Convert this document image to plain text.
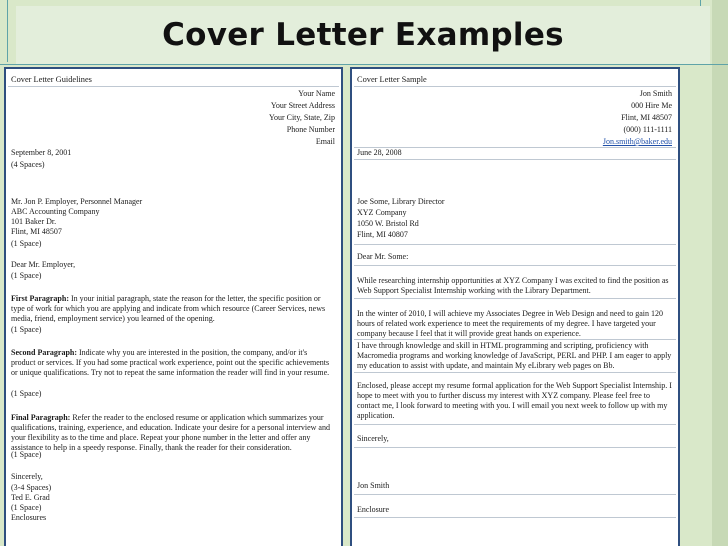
Cover Letter Examples
Cover Letter Guidelines
Your Name
Your Street Address
Your City, State, Zip
Phone Number
Email
September 8, 2001
(4 Spaces)
Mr. Jon P. Employer, Personnel Manager
ABC Accounting Company
101 Baker Dr.
Flint, MI 48507
(1 Space)
Dear Mr. Employer,
(1 Space)
First Paragraph: In your initial paragraph, state the reason for the letter, the specific position or type of work for which you are applying and indicate from which resource (Career Services, news media, friend, employment service) you learned of the opening.
(1 Space)
Second Paragraph: Indicate why you are interested in the position, the company, and/or it's product or services. If you had some practical work experience, point out the specific achievements or unique qualifications. Try not to repeat the same information the reader will find in your resume.
(1 Space)
Final Paragraph: Refer the reader to the enclosed resume or application which summarizes your qualifications, training, experience, and education. Indicate your desire for a personal interview and your flexibility as to the time and place. Repeat your phone number in the letter and offer any assistance to help in a speedy response. Finally, thank the reader for their consideration.
(1 Space)
Sincerely,
(3-4 Spaces)
Ted E. Grad
(1 Space)
Enclosures
Cover Letter Sample
Jon Smith
000 Hire Me
Flint, MI 48507
(000) 111-1111
Jon.smith@baker.edu
June 28, 2008
Joe Some, Library Director
XYZ Company
1050 W. Bristol Rd
Flint, MI 40807
Dear Mr. Some:
While researching internship opportunities at XYZ Company I was excited to find the position as Web Support Specialist Internship working with the Library Department.
In the winter of 2010, I will achieve my Associates Degree in Web Design and need to gain 120 hours of related work experience to meet the requirements of my degree. I have targeted your company because I feel that it will provide great hands on experience.
I have through knowledge and skill in HTML programming and scripting, proficiency with Macromedia programs and working knowledge of JavaScript, PERL and PHP. I am eager to apply my education to assist with update, and maintain My eLibrary web pages on Bb.
Enclosed, please accept my resume formal application for the Web Support Specialist Internship. I hope to meet with you to further discuss my interest with XYZ company. Please feel free to contact me, I look forward to meeting with you. I will email you next week to follow up with my application.
Sincerely,
Jon Smith
Enclosure
